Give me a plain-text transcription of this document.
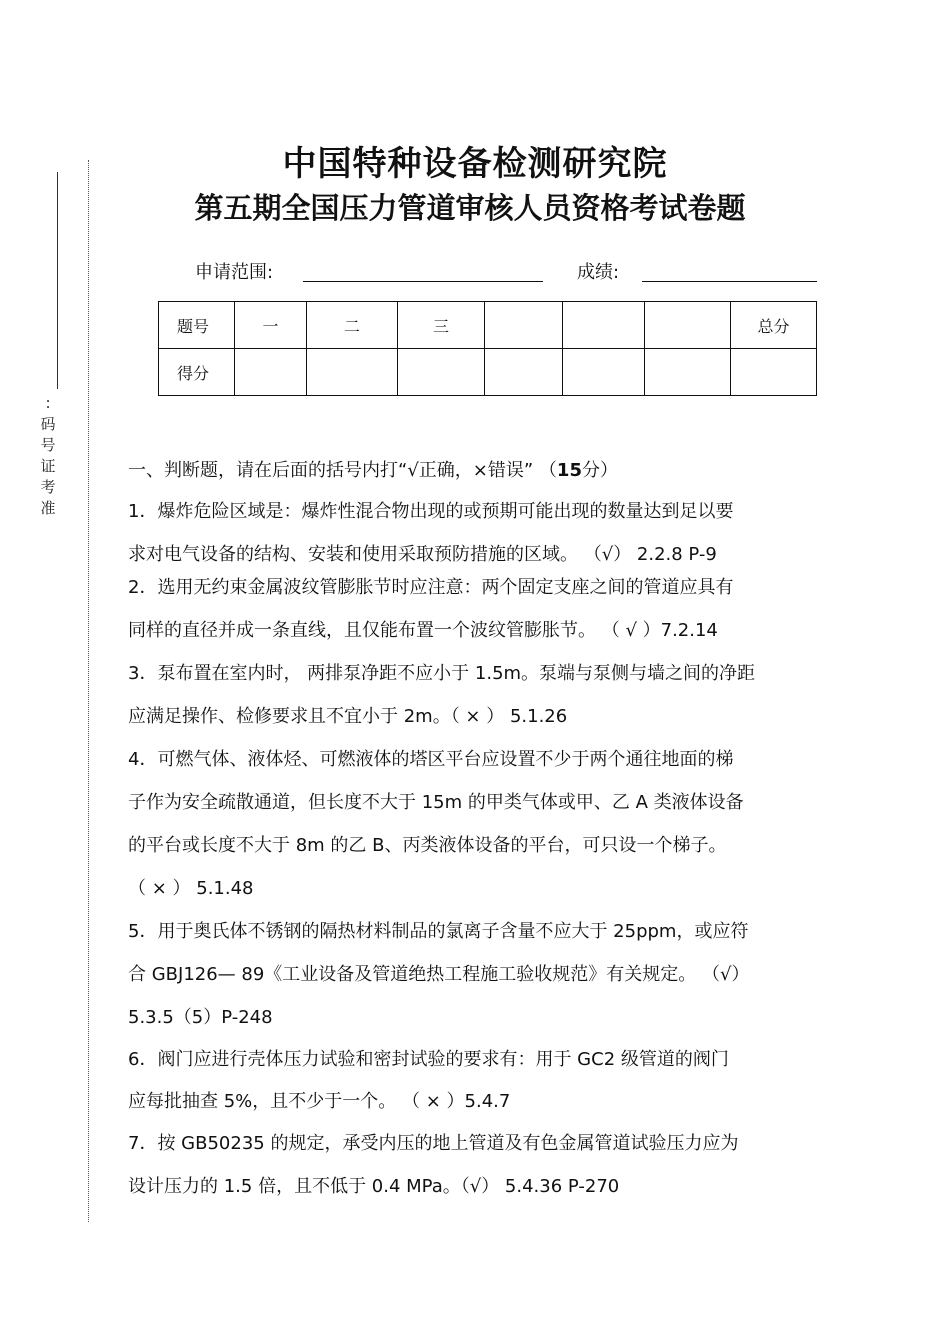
:
码
号
证
考
准
中国特种设备检测研究院
第五期全国压力管道审核人员资格考试卷题
申请范围:	成绩:
题号	一	二	三				总分
得分							
一、判断题，请在后面的括号内打“√正确，×错误” （15分）
1．爆炸危险区域是：爆炸性混合物出现的或预期可能出现的数量达到足以要
求对电气设备的结构、安装和使用采取预防措施的区域。 （√） 2.2.8 P-9
2．选用无约束金属波纹管膨胀节时应注意：两个固定支座之间的管道应具有
同样的直径并成一条直线，且仅能布置一个波纹管膨胀节。 （ √ ）7.2.14
3．泵布置在室内时， 两排泵净距不应小于 1.5m。泵端与泵侧与墙之间的净距
应满足操作、检修要求且不宜小于 2m。（ × ） 5.1.26
4．可燃气体、液体烃、可燃液体的塔区平台应设置不少于两个通往地面的梯
子作为安全疏散通道，但长度不大于 15m 的甲类气体或甲、乙 A 类液体设备
的平台或长度不大于 8m 的乙 B、丙类液体设备的平台，可只设一个梯子。
（ × ） 5.1.48
5．用于奥氏体不锈钢的隔热材料制品的氯离子含量不应大于 25ppm，或应符
合 GBJ126— 89《工业设备及管道绝热工程施工验收规范》有关规定。 （√）
5.3.5（5）P-248
6．阀门应进行壳体压力试验和密封试验的要求有：用于 GC2 级管道的阀门
应每批抽查 5%，且不少于一个。 （ × ）5.4.7
7．按 GB50235 的规定，承受内压的地上管道及有色金属管道试验压力应为
设计压力的 1.5 倍，且不低于 0.4 MPa。（√） 5.4.36 P-270
